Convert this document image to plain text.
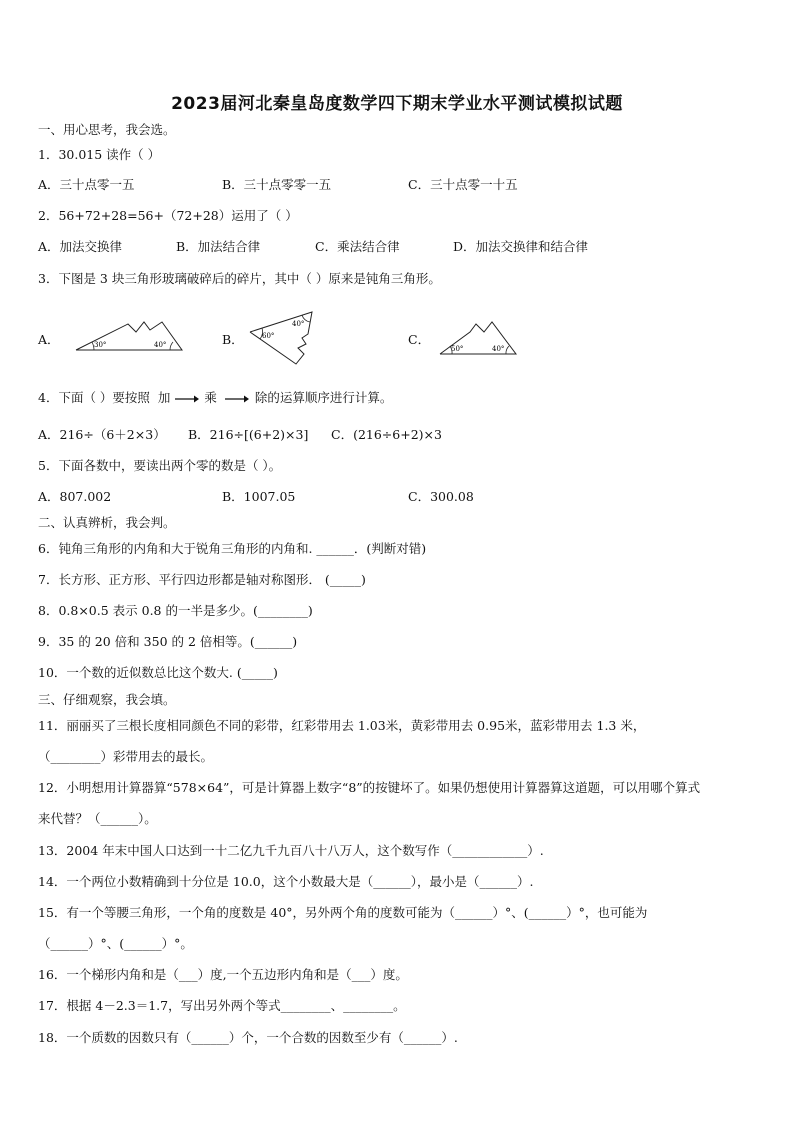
2023届河北秦皇岛度数学四下期末学业水平测试模拟试题
一、用心思考，我会选。
1．30.015 读作（ ）
A．三十点零一五	B．三十点零零一五	C．三十点零一十五
2．56+72+28=56+（72+28）运用了（ ）
A．加法交换律	B．加法结合律	C．乘法结合律	D．加法交换律和结合律
3．下图是 3 块三角形玻璃破碎后的碎片，其中（ ）原来是钝角三角形。
A．	30°	40°	B．	60°
40°
C．
50°	40°
4．下面（ ）要按照 加	乘	除的运算顺序进行计算。
A．216÷（6＋2×3） B．216÷[(6+2)×3] C．(216÷6+2)×3
5．下面各数中，要读出两个零的数是（ ）。
A．807.002	B．1007.05	C．300.08
二、认真辨析，我会判。
6．钝角三角形的内角和大于锐角三角形的内角和. ______．(判断对错)
7．长方形、正方形、平行四边形都是轴对称图形． (_____)
8．0.8×0.5 表示 0.8 的一半是多少。(________)
9．35 的 20 倍和 350 的 2 倍相等。(______)
10．一个数的近似数总比这个数大. (_____)
三、仔细观察，我会填。
11．丽丽买了三根长度相同颜色不同的彩带，红彩带用去 1.03米，黄彩带用去 0.95米，蓝彩带用去 1.3 米，
（________）彩带用去的最长。
12．小明想用计算器算“578×64”，可是计算器上数字“8”的按键坏了。如果仍想使用计算器算这道题，可以用哪个算式
来代替？（______）。
13．2004 年末中国人口达到一十二亿九千九百八十八万人，这个数写作（____________）.
14．一个两位小数精确到十分位是 10.0，这个小数最大是（______），最小是（______）.
15．有一个等腰三角形，一个角的度数是 40°，另外两个角的度数可能为（______）°、(______）°，也可能为
（______）°、(______）°。
16．一个梯形内角和是（___）度,一个五边形内角和是（___）度。
17．根据 4－2.3＝1.7，写出另外两个等式________、________。
18．一个质数的因数只有（______）个，一个合数的因数至少有（______）.
